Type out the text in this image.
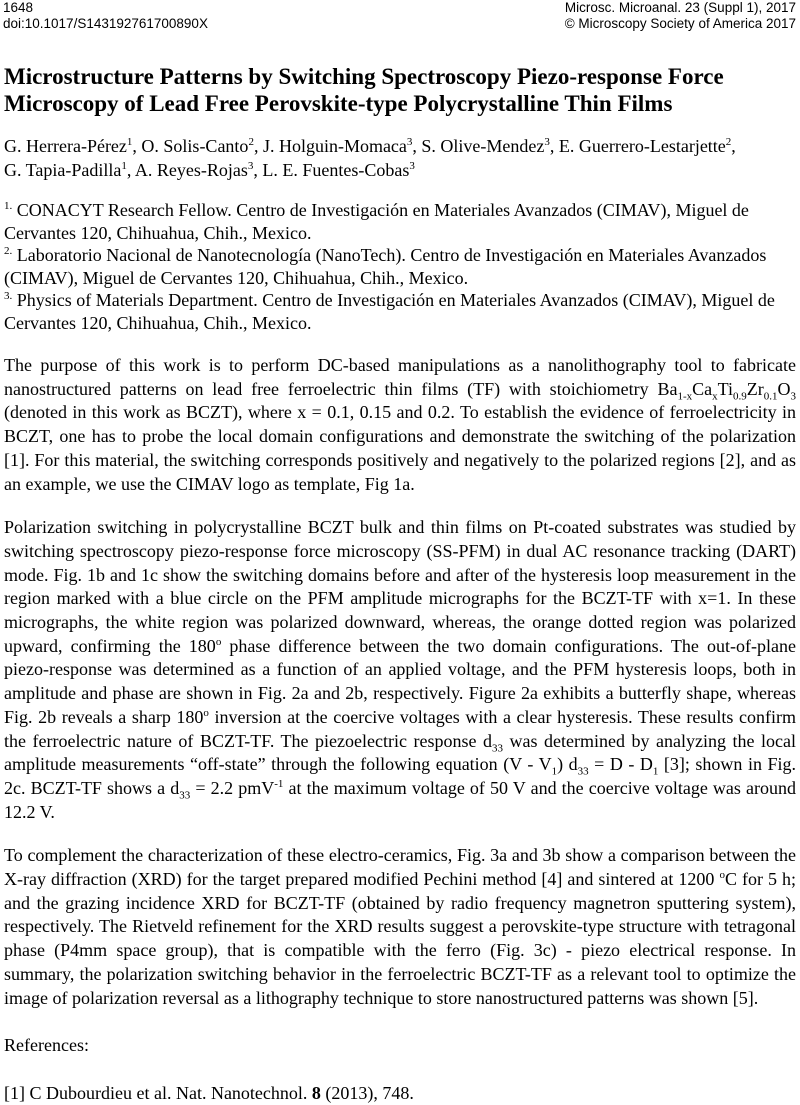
1648
doi:10.1017/S143192761700890X
Microsc. Microanal. 23 (Suppl 1), 2017
© Microscopy Society of America 2017
Microstructure Patterns by Switching Spectroscopy Piezo-response Force Microscopy of Lead Free Perovskite-type Polycrystalline Thin Films
G. Herrera-Pérez$^1$, O. Solis-Canto$^2$, J. Holguin-Momaca$^3$, S. Olive-Mendez$^3$, E. Guerrero-Lestarjette$^2$,
G. Tapia-Padilla$^1$, A. Reyes-Rojas$^3$, L. E. Fuentes-Cobas$^3$

$^{1.}$ CONACYT Research Fellow. Centro de Investigación en Materiales Avanzados (CIMAV), Miguel de Cervantes 120, Chihuahua, Chih., Mexico.

$^{2.}$ Laboratorio Nacional de Nanotecnología (NanoTech). Centro de Investigación en Materiales Avanzados (CIMAV), Miguel de Cervantes 120, Chihuahua, Chih., Mexico.

$^{3.}$ Physics of Materials Department. Centro de Investigación en Materiales Avanzados (CIMAV), Miguel de Cervantes 120, Chihuahua, Chih., Mexico.

The purpose of this work is to perform DC-based manipulations as a nanolithography tool to fabricate nanostructured patterns on lead free ferroelectric thin films (TF) with stoichiometry $Ba_{1-x}Ca_xTi_{0.9}Zr_{0.1}O_3$ (denoted in this work as BCZT), where x = 0.1, 0.15 and 0.2. To establish the evidence of ferroelectricity in BCZT, one has to probe the local domain configurations and demonstrate the switching of the polarization [1]. For this material, the switching corresponds positively and negatively to the polarized regions [2], and as an example, we use the CIMAV logo as template, Fig 1a.

Polarization switching in polycrystalline BCZT bulk and thin films on Pt-coated substrates was studied by switching spectroscopy piezo-response force microscopy (SS-PFM) in dual AC resonance tracking (DART) mode. Fig. 1b and 1c show the switching domains before and after of the hysteresis loop measurement in the region marked with a blue circle on the PFM amplitude micrographs for the BCZT-TF with x=1. In these micrographs, the white region was polarized downward, whereas, the orange dotted region was polarized upward, confirming the 180$^o$ phase difference between the two domain configurations. The out-of-plane piezo-response was determined as a function of an applied voltage, and the PFM hysteresis loops, both in amplitude and phase are shown in Fig. 2a and 2b, respectively. Figure 2a exhibits a butterfly shape, whereas Fig. 2b reveals a sharp 180$^o$ inversion at the coercive voltages with a clear hysteresis. These results confirm the ferroelectric nature of BCZT-TF. The piezoelectric response $d_{33}$ was determined by analyzing the local amplitude measurements “off-state” through the following equation $(V - V_1)$ $d_{33} = D - D_1$ [3]; shown in Fig. 2c. BCZT-TF shows a $d_{33} = 2.2$ pmV$^{-1}$ at the maximum voltage of 50 V and the coercive voltage was around 12.2 V.

To complement the characterization of these electro-ceramics, Fig. 3a and 3b show a comparison between the X-ray diffraction (XRD) for the target prepared modified Pechini method [4] and sintered at 1200 $^o$C for 5 h; and the grazing incidence XRD for BCZT-TF (obtained by radio frequency magnetron sputtering system), respectively. The Rietveld refinement for the XRD results suggest a perovskite-type structure with tetragonal phase (P4mm space group), that is compatible with the ferro (Fig. 3c) - piezo electrical response. In summary, the polarization switching behavior in the ferroelectric BCZT-TF as a relevant tool to optimize the image of polarization reversal as a lithography technique to store nanostructured patterns was shown [5].

References:
[1] C Dubourdieu et al. Nat. Nanotechnol. 8 (2013), 748.
